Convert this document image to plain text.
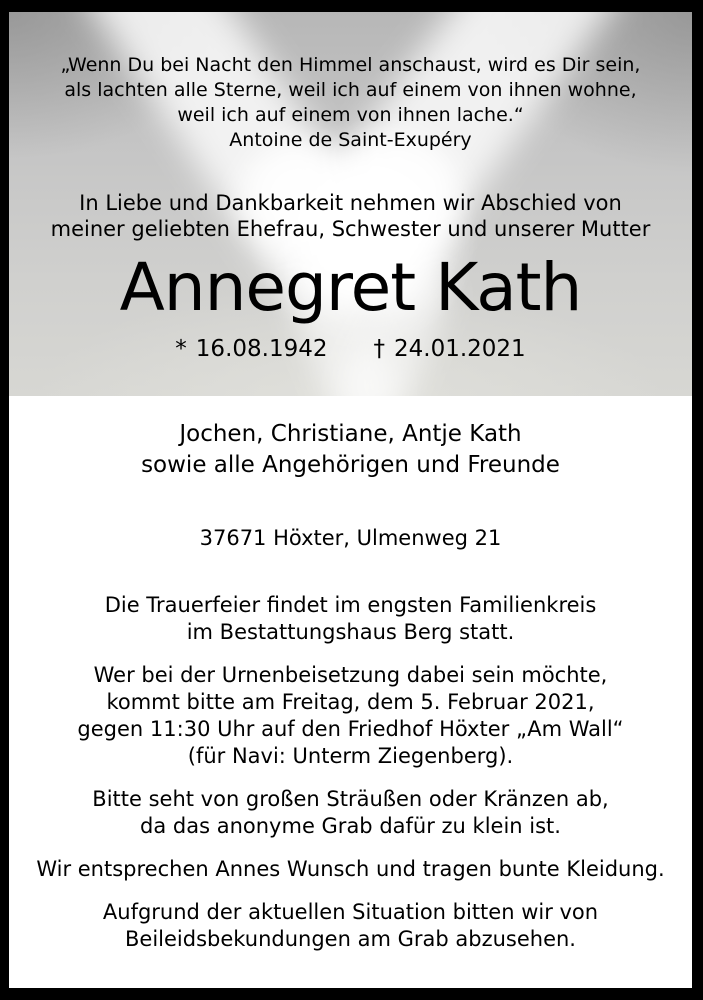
„Wenn Du bei Nacht den Himmel anschaust, wird es Dir sein,
als lachten alle Sterne, weil ich auf einem von ihnen wohne,
weil ich auf einem von ihnen lache.“
Antoine de Saint-Exupéry
In Liebe und Dankbarkeit nehmen wir Abschied von
meiner geliebten Ehefrau, Schwester und unserer Mutter
Annegret Kath
* 16.08.1942 † 24.01.2021
Jochen, Christiane, Antje Kath
sowie alle Angehörigen und Freunde
37671 Höxter, Ulmenweg 21

Die Trauerfeier findet im engsten Familienkreis
im Bestattungshaus Berg statt.

Wer bei der Urnenbeisetzung dabei sein möchte,
kommt bitte am Freitag, dem 5. Februar 2021,
gegen 11:30 Uhr auf den Friedhof Höxter „Am Wall“
(für Navi: Unterm Ziegenberg).

Bitte seht von großen Sträußen oder Kränzen ab,
da das anonyme Grab dafür zu klein ist.

Wir entsprechen Annes Wunsch und tragen bunte Kleidung.

Aufgrund der aktuellen Situation bitten wir von
Beileidsbekundungen am Grab abzusehen.
